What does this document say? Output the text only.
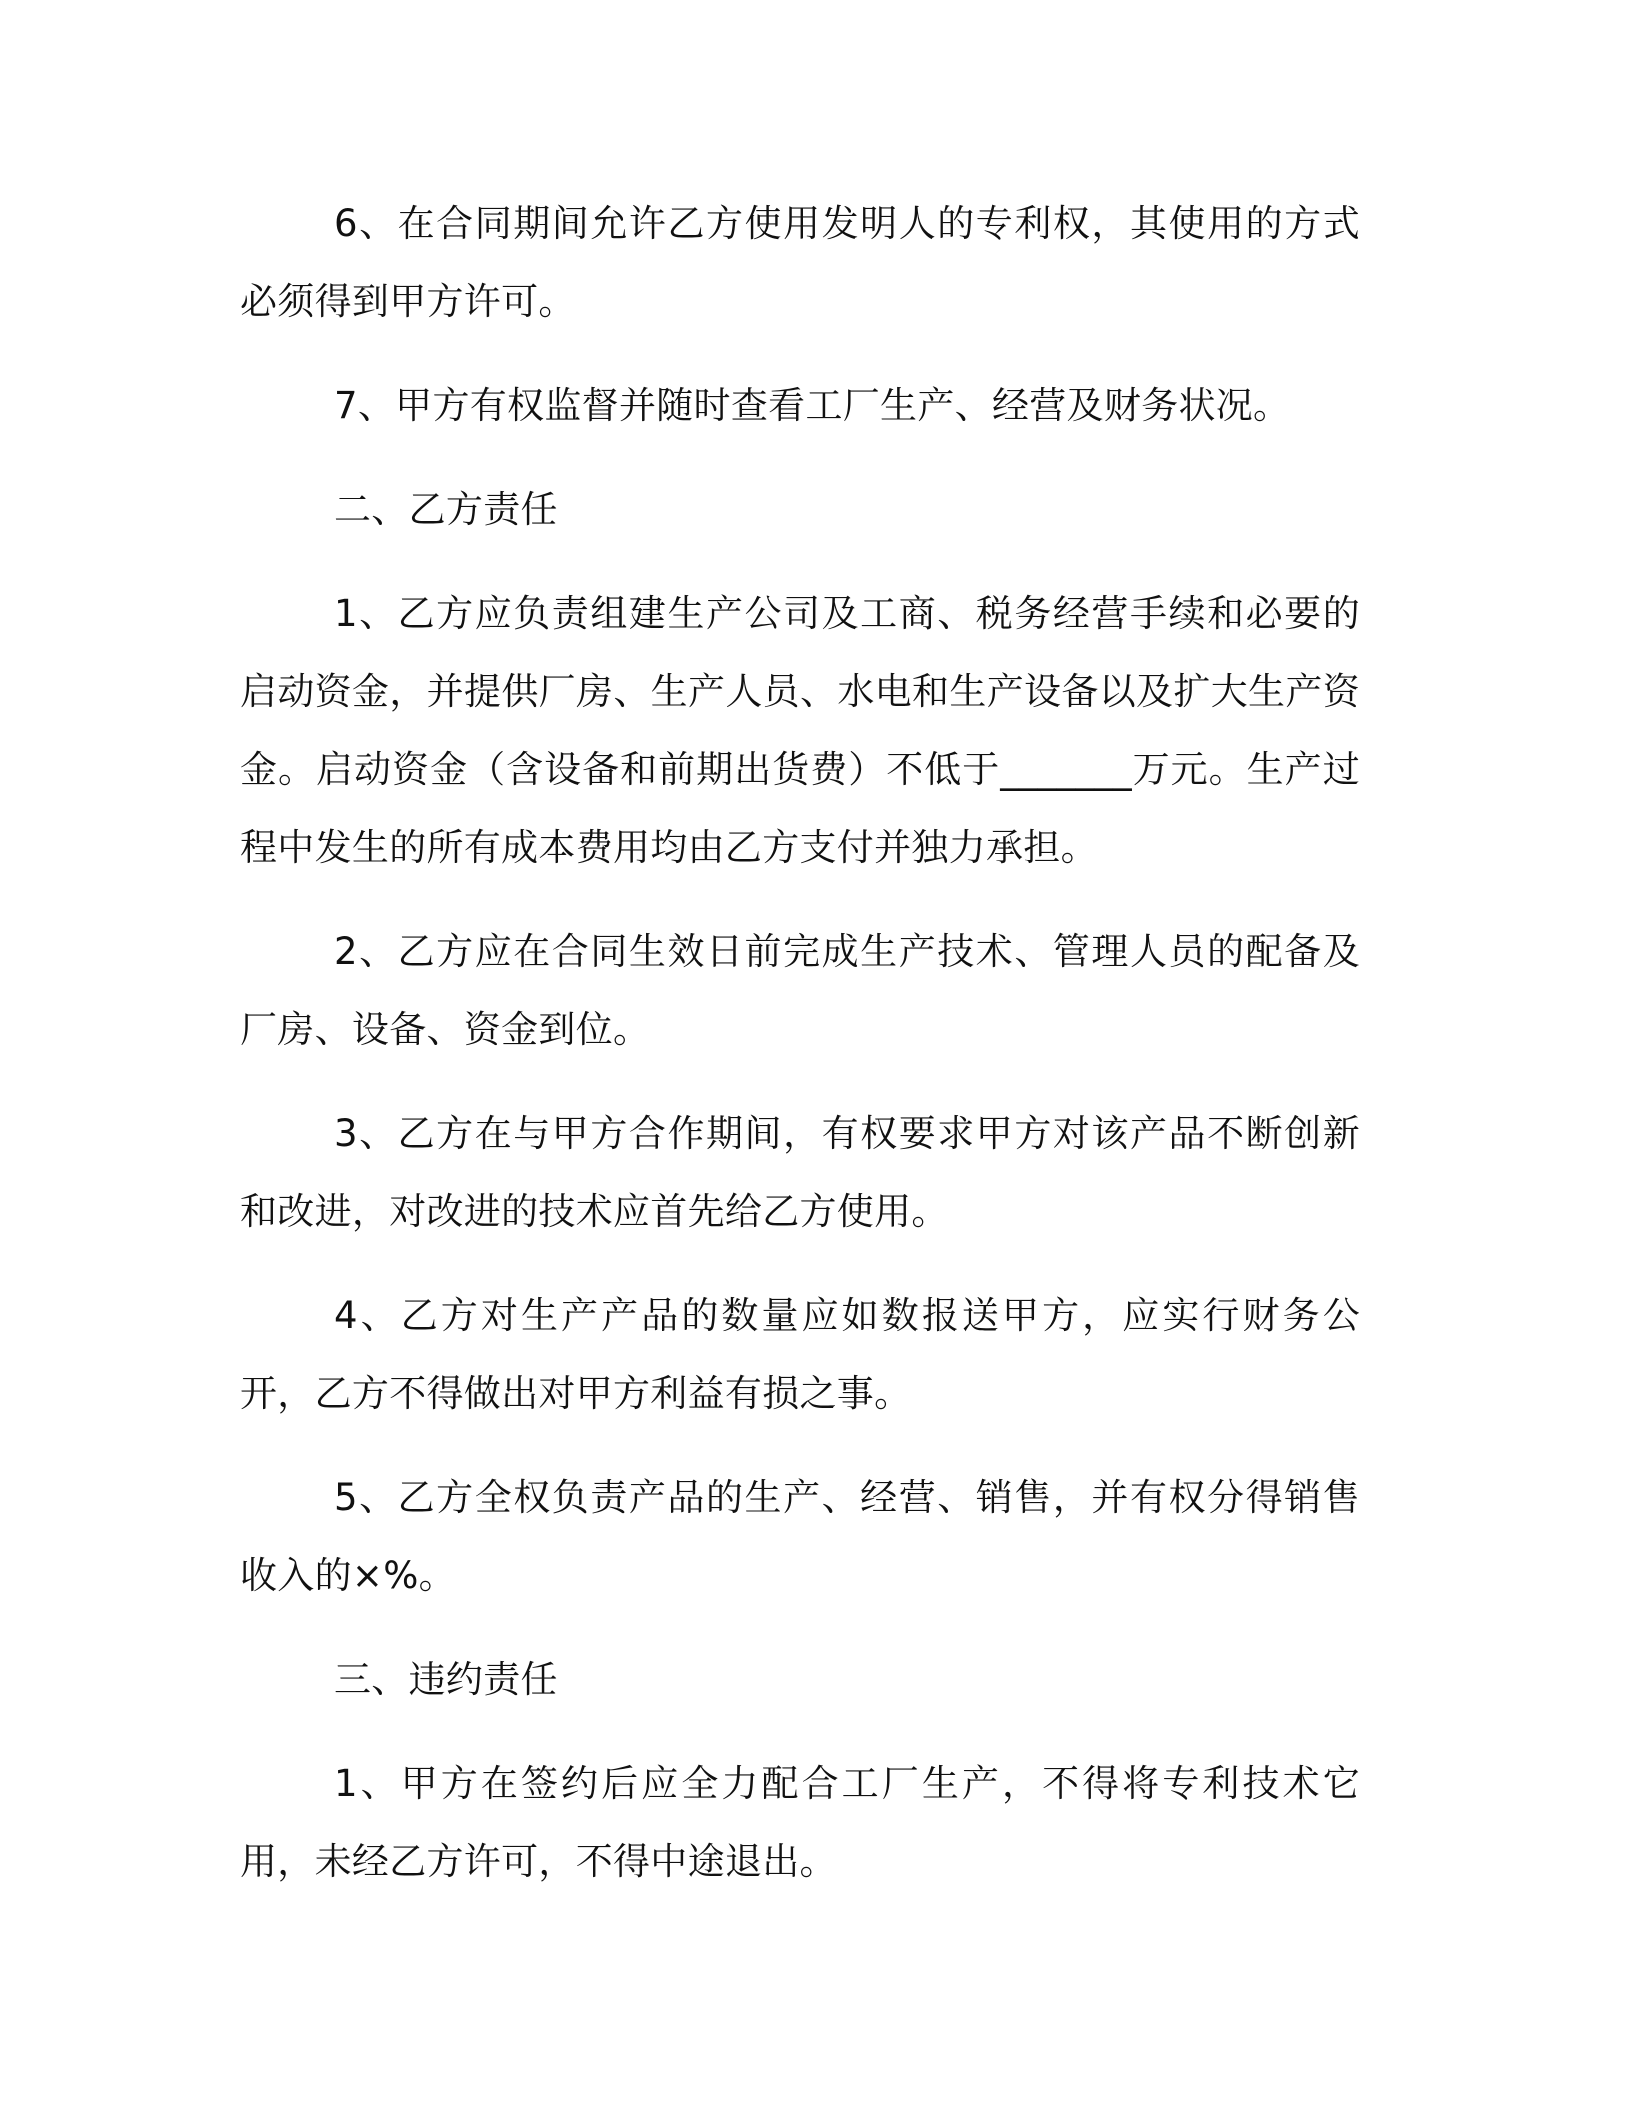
6、在合同期间允许乙方使用发明人的专利权，其使用的方式必须得到甲方许可。

7、甲方有权监督并随时查看工厂生产、经营及财务状况。

二、乙方责任

1、乙方应负责组建生产公司及工商、税务经营手续和必要的启动资金，并提供厂房、生产人员、水电和生产设备以及扩大生产资金。启动资金（含设备和前期出货费）不低于_______万元。生产过程中发生的所有成本费用均由乙方支付并独力承担。

2、乙方应在合同生效日前完成生产技术、管理人员的配备及厂房、设备、资金到位。

3、乙方在与甲方合作期间，有权要求甲方对该产品不断创新和改进，对改进的技术应首先给乙方使用。

4、乙方对生产产品的数量应如数报送甲方，应实行财务公开，乙方不得做出对甲方利益有损之事。

5、乙方全权负责产品的生产、经营、销售，并有权分得销售收入的×%。

三、违约责任

1、甲方在签约后应全力配合工厂生产，不得将专利技术它用，未经乙方许可，不得中途退出。
